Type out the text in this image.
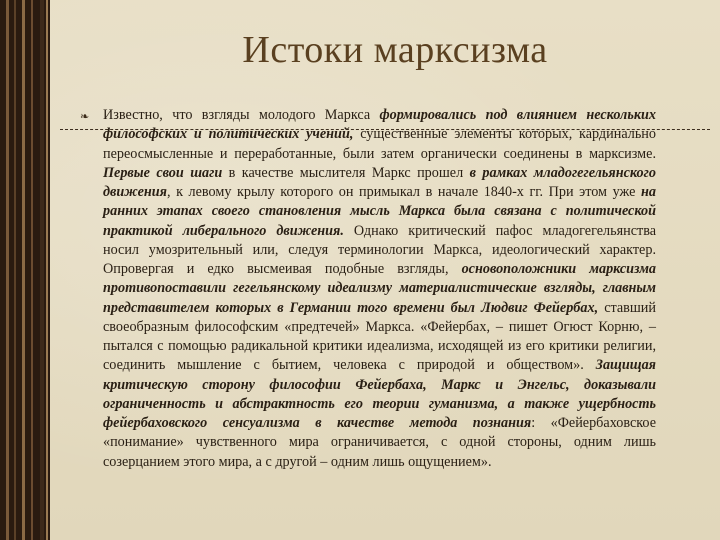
Истоки марксизма
❧ Известно, что взгляды молодого Маркса формировались под влиянием нескольких философских и политических учений, существенные элементы которых, кардинально переосмысленные и переработанные, были затем органически соединены в марксизме. Первые свои шаги в качестве мыслителя Маркс прошел в рамках младогегельянского движения, к левому крылу которого он примыкал в начале 1840-х гг. При этом уже на ранних этапах своего становления мысль Маркса была связана с политической практикой либерального движения. Однако критический пафос младогегельянства носил умозрительный или, следуя терминологии Маркса, идеологический характер. Опровергая и едко высмеивая подобные взгляды, основоположники марксизма противопоставили гегельянскому идеализму материалистические взгляды, главным представителем которых в Германии того времени был Людвиг Фейербах, ставший своеобразным философским «предтечей» Маркса. «Фейербах, – пишет Огюст Корню, – пытался с помощью радикальной критики идеализма, исходящей из его критики религии, соединить мышление с бытием, человека с природой и обществом». Защищая критическую сторону философии Фейербаха, Маркс и Энгельс, доказывали ограниченность и абстрактность его теории гуманизма, а также ущербность фейербаховского сенсуализма в качестве метода познания: «Фейербаховское «понимание» чувственного мира ограничивается, с одной стороны, одним лишь созерцанием этого мира, а с другой – одним лишь ощущением».
